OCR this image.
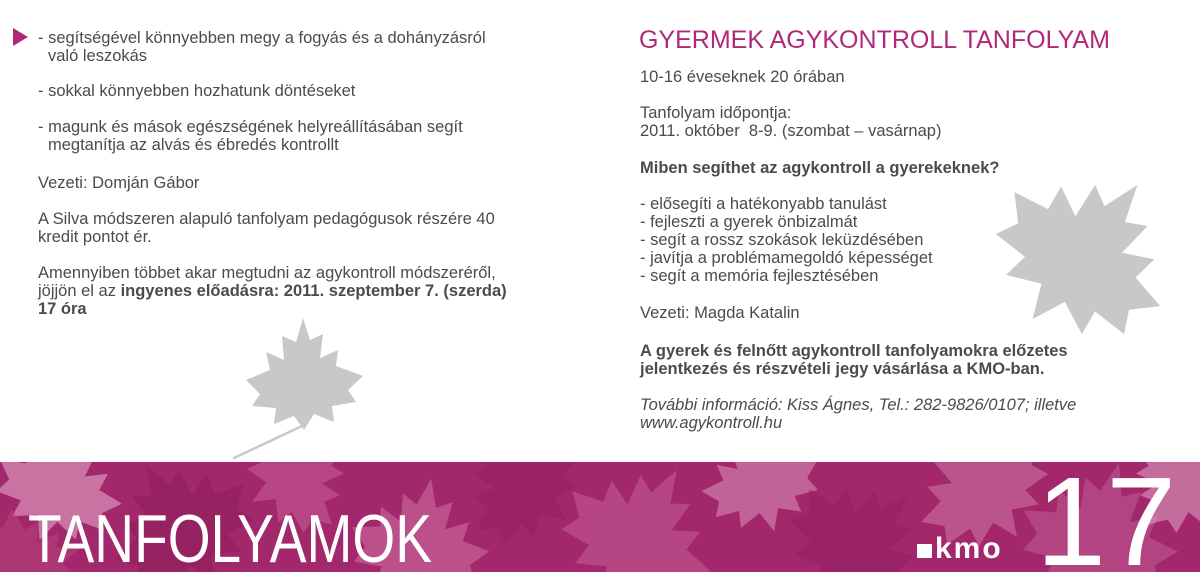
- segítségével könnyebben megy a fogyás és a dohányzásról
való leszokás
- sokkal könnyebben hozhatunk döntéseket
- magunk és mások egészségének helyreállításában segít
megtanítja az alvás és ébredés kontrollt
Vezeti: Domján Gábor
A Silva módszeren alapuló tanfolyam pedagógusok részére 40
kredit pontot ér.
Amennyiben többet akar megtudni az agykontroll módszeréről,
jöjjön el az ingyenes előadásra: 2011. szeptember 7. (szerda)
17 óra
GYERMEK AGYKONTROLL TANFOLYAM
10-16 éveseknek 20 órában
Tanfolyam időpontja:
2011. október  8-9. (szombat – vasárnap)
Miben segíthet az agykontroll a gyerekeknek?
- elősegíti a hatékonyabb tanulást
- fejleszti a gyerek önbizalmát
- segít a rossz szokások leküzdésében
- javítja a problémamegoldó képességet
- segít a memória fejlesztésében
Vezeti: Magda Katalin
A gyerek és felnőtt agykontroll tanfolyamokra előzetes
jelentkezés és részvételi jegy vásárlása a KMO-ban.
További információ: Kiss Ágnes, Tel.: 282-9826/0107; illetve
www.agykontroll.hu
TANFOLYAMOK	kmo 17
